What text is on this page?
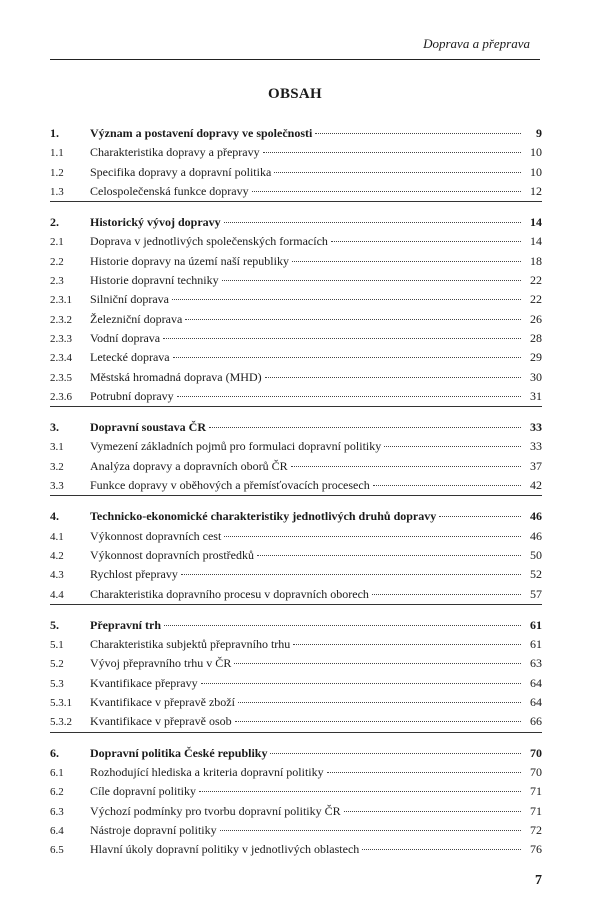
Doprava a přeprava
OBSAH
1.	Význam a postavení dopravy ve společnosti	9
1.1	Charakteristika dopravy a přepravy	10
1.2	Specifika dopravy a dopravní politika	10
1.3	Celospolečenská funkce dopravy	12
2.	Historický vývoj dopravy	14
2.1	Doprava v jednotlivých společenských formacích	14
2.2	Historie dopravy na území naší republiky	18
2.3	Historie dopravní techniky	22
2.3.1	Silniční doprava	22
2.3.2	Železniční doprava	26
2.3.3	Vodní doprava	28
2.3.4	Letecké doprava	29
2.3.5	Městská hromadná doprava (MHD)	30
2.3.6	Potrubní dopravy	31
3.	Dopravní soustava ČR	33
3.1	Vymezení základních pojmů pro formulaci dopravní politiky	33
3.2	Analýza dopravy a dopravních oborů ČR	37
3.3	Funkce dopravy v oběhových a přemísťovacích procesech	42
4.	Technicko-ekonomické charakteristiky jednotlivých druhů dopravy	46
4.1	Výkonnost dopravních cest	46
4.2	Výkonnost dopravních prostředků	50
4.3	Rychlost přepravy	52
4.4	Charakteristika dopravního procesu v dopravních oborech	57
5.	Přepravní trh	61
5.1	Charakteristika subjektů přepravního trhu	61
5.2	Vývoj přepravního trhu v ČR	63
5.3	Kvantifikace přepravy	64
5.3.1	Kvantifikace v přepravě zboží	64
5.3.2	Kvantifikace v přepravě osob	66
6.	Dopravní politika České republiky	70
6.1	Rozhodující hlediska a kriteria dopravní politiky	70
6.2	Cíle dopravní politiky	71
6.3	Výchozí podmínky pro tvorbu dopravní politiky ČR	71
6.4	Nástroje dopravní politiky	72
6.5	Hlavní úkoly dopravní politiky v jednotlivých oblastech	76
7
